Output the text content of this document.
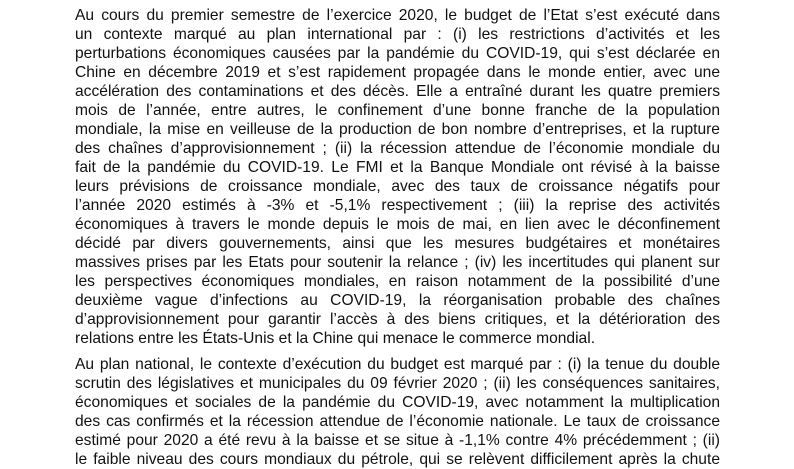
Au cours du premier semestre de l’exercice 2020, le budget de l’Etat s’est exécuté dans
un contexte marqué au plan international par : (i) les restrictions d’activités et les
perturbations économiques causées par la pandémie du COVID-19, qui s’est déclarée en
Chine en décembre 2019 et s’est rapidement propagée dans le monde entier, avec une
accélération des contaminations et des décès. Elle a entraîné durant les quatre premiers
mois de l’année, entre autres, le confinement d’une bonne franche de la population
mondiale, la mise en veilleuse de la production de bon nombre d’entreprises, et la rupture
des chaînes d’approvisionnement ; (ii) la récession attendue de l’économie mondiale du
fait de la pandémie du COVID-19. Le FMI et la Banque Mondiale ont révisé à la baisse
leurs prévisions de croissance mondiale, avec des taux de croissance négatifs pour
l’année 2020 estimés à -3% et -5,1% respectivement ; (iii) la reprise des activités
économiques à travers le monde depuis le mois de mai, en lien avec le déconfinement
décidé par divers gouvernements, ainsi que les mesures budgétaires et monétaires
massives prises par les Etats pour soutenir la relance ; (iv) les incertitudes qui planent sur
les perspectives économiques mondiales, en raison notamment de la possibilité d’une
deuxième vague d’infections au COVID-19, la réorganisation probable des chaînes
d’approvisionnement pour garantir l’accès à des biens critiques, et la détérioration des
relations entre les États-Unis et la Chine qui menace le commerce mondial.
Au plan national, le contexte d’exécution du budget est marqué par : (i) la tenue du double
scrutin des législatives et municipales du 09 février 2020 ; (ii) les conséquences sanitaires,
économiques et sociales de la pandémie du COVID-19, avec notamment la multiplication
des cas confirmés et la récession attendue de l’économie nationale. Le taux de croissance
estimé pour 2020 a été revu à la baisse et se situe à -1,1% contre 4% précédemment ; (ii)
le faible niveau des cours mondiaux du pétrole, qui se relèvent difficilement après la chute
